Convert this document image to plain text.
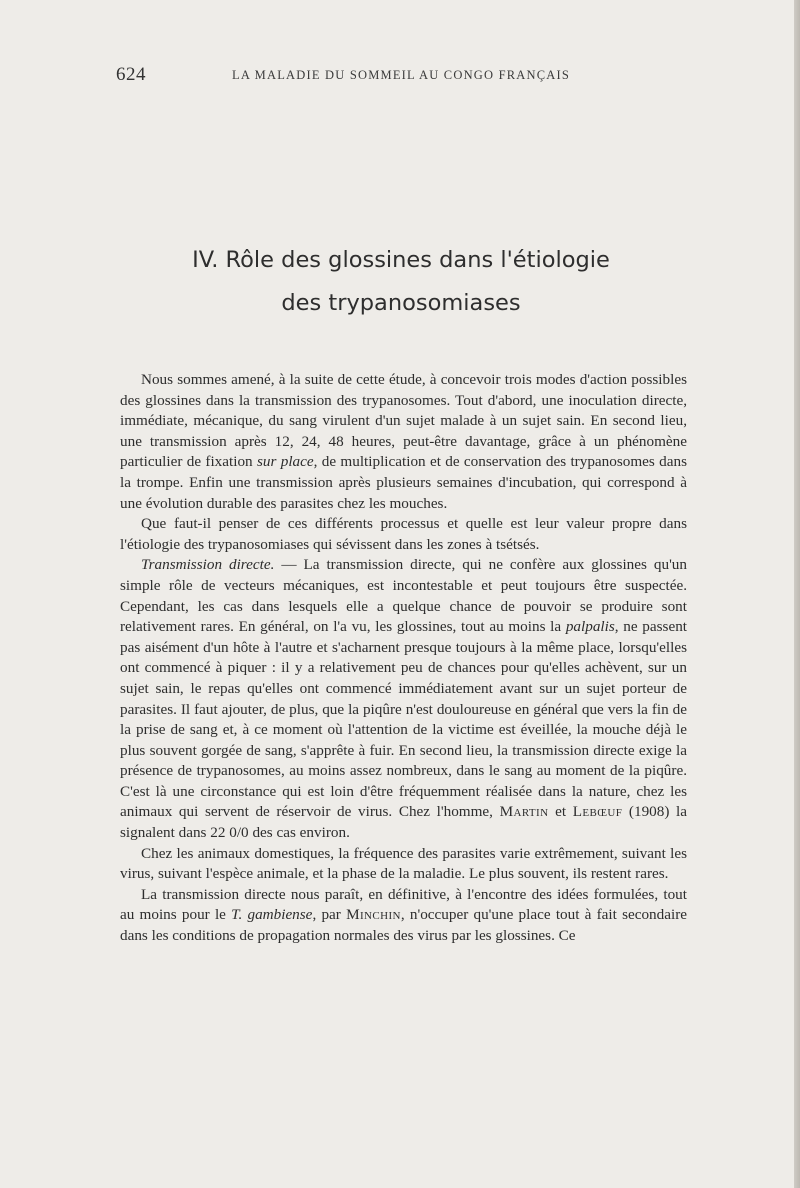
624	LA MALADIE DU SOMMEIL AU CONGO FRANÇAIS
IV. Rôle des glossines dans l'étiologie
des trypanosomiases

Nous sommes amené, à la suite de cette étude, à concevoir trois modes d'action possibles des glossines dans la transmission des trypanosomes. Tout d'abord, une inoculation directe, immédiate, mécanique, du sang virulent d'un sujet malade à un sujet sain. En second lieu, une transmission après 12, 24, 48 heures, peut-être davantage, grâce à un phénomène particulier de fixation sur place, de multiplication et de conservation des trypanosomes dans la trompe. Enfin une transmission après plusieurs semaines d'incubation, qui correspond à une évolution durable des parasites chez les mouches.

Que faut-il penser de ces différents processus et quelle est leur valeur propre dans l'étiologie des trypanosomiases qui sévissent dans les zones à tsétsés.

Transmission directe. — La transmission directe, qui ne confère aux glossines qu'un simple rôle de vecteurs mécaniques, est incontestable et peut toujours être suspectée. Cependant, les cas dans lesquels elle a quelque chance de pouvoir se produire sont relativement rares. En général, on l'a vu, les glossines, tout au moins la palpalis, ne passent pas aisément d'un hôte à l'autre et s'acharnent presque toujours à la même place, lorsqu'elles ont commencé à piquer : il y a relativement peu de chances pour qu'elles achèvent, sur un sujet sain, le repas qu'elles ont commencé immédiatement avant sur un sujet porteur de parasites. Il faut ajouter, de plus, que la piqûre n'est douloureuse en général que vers la fin de la prise de sang et, à ce moment où l'attention de la victime est éveillée, la mouche déjà le plus souvent gorgée de sang, s'apprête à fuir. En second lieu, la transmission directe exige la présence de trypanosomes, au moins assez nombreux, dans le sang au moment de la piqûre. C'est là une circonstance qui est loin d'être fréquemment réalisée dans la nature, chez les animaux qui servent de réservoir de virus. Chez l'homme, Martin et Lebœuf (1908) la signalent dans 22 0/0 des cas environ.

Chez les animaux domestiques, la fréquence des parasites varie extrêmement, suivant les virus, suivant l'espèce animale, et la phase de la maladie. Le plus souvent, ils restent rares.

La transmission directe nous paraît, en définitive, à l'encontre des idées formulées, tout au moins pour le T. gambiense, par Minchin, n'occuper qu'une place tout à fait secondaire dans les conditions de propagation normales des virus par les glossines. Ce
